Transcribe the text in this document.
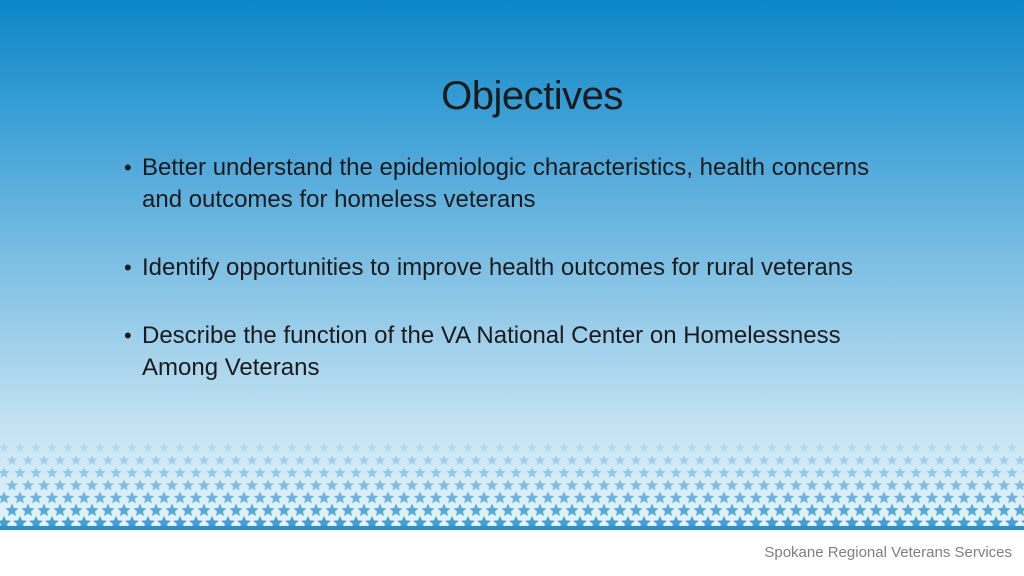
Objectives
• Better understand the epidemiologic characteristics, health concerns and outcomes for homeless veterans
• Identify opportunities to improve health outcomes for rural veterans
• Describe the function of the VA National Center on Homelessness Among Veterans
Spokane Regional Veterans Services
